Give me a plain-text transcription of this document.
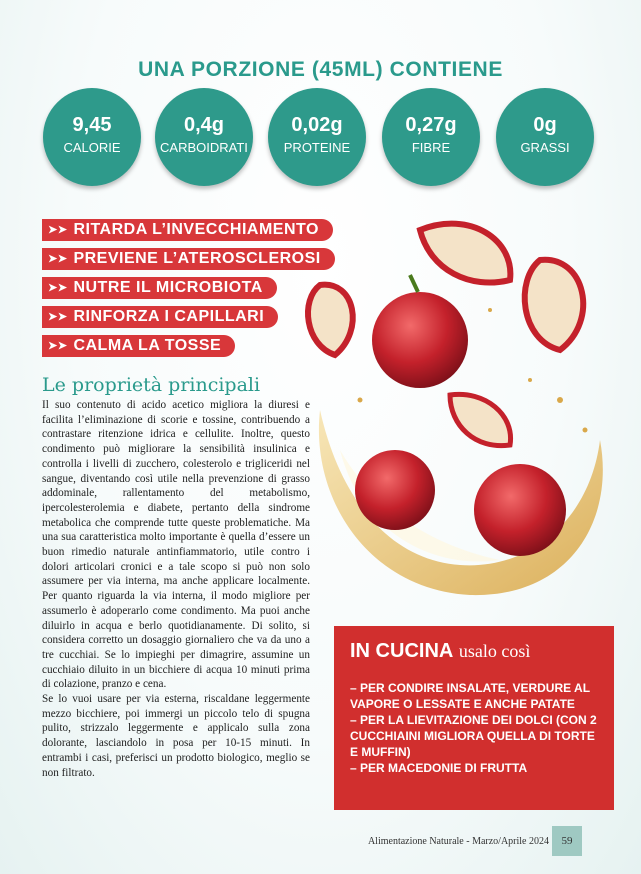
UNA PORZIONE (45ML) CONTIENE
9,45
CALORIE
0,4g
CARBOIDRATI
0,02g
PROTEINE
0,27g
FIBRE
0g
GRASSI
➤➤ RITARDA L’INVECCHIAMENTO
➤➤ PREVIENE L’ATEROSCLEROSI
➤➤ NUTRE IL MICROBIOTA
➤➤ RINFORZA I CAPILLARI
➤➤ CALMA LA TOSSE
Le proprietà principali

Il suo contenuto di acido acetico migliora la diuresi e facilita l’eliminazione di scorie e tossine, contribuendo a contrastare ritenzione idrica e cellulite. Inoltre, questo condimento può migliorare la sensibilità insulinica e controlla i livelli di zucchero, colesterolo e trigliceridi nel sangue, diventando così utile nella prevenzione di grasso addominale, rallentamento del metabolismo, ipercolesterolemia e diabete, pertanto della sindrome metabolica che comprende tutte queste problematiche. Ma una sua caratteristica molto importante è quella d’essere un buon rimedio naturale antinfiammatorio, utile contro i dolori articolari cronici e a tale scopo si può non solo assumere per via interna, ma anche applicare localmente. Per quanto riguarda la via interna, il modo migliore per assumerlo è adoperarlo come condimento. Ma puoi anche diluirlo in acqua e berlo quotidianamente. Di solito, si considera corretto un dosaggio giornaliero che va da uno a tre cucchiai. Se lo impieghi per dimagrire, assumine un cucchiaio diluito in un bicchiere di acqua 10 minuti prima di colazione, pranzo e cena.

Se lo vuoi usare per via esterna, riscaldane leggermente mezzo bicchiere, poi immergi un piccolo telo di spugna pulito, strizzalo leggermente e applicalo sulla zona dolorante, lasciandolo in posa per 10-15 minuti. In entrambi i casi, preferisci un prodotto biologico, meglio se non filtrato.

IN CUCINA usalo così
– PER CONDIRE INSALATE, VERDURE AL VAPORE O LESSATE E ANCHE PATATE
– PER LA LIEVITAZIONE DEI DOLCI (CON 2 CUCCHIAINI MIGLIORA QUELLA DI TORTE E MUFFIN)
– PER MACEDONIE DI FRUTTA
Alimentazione Naturale - Marzo/Aprile 2024	59
